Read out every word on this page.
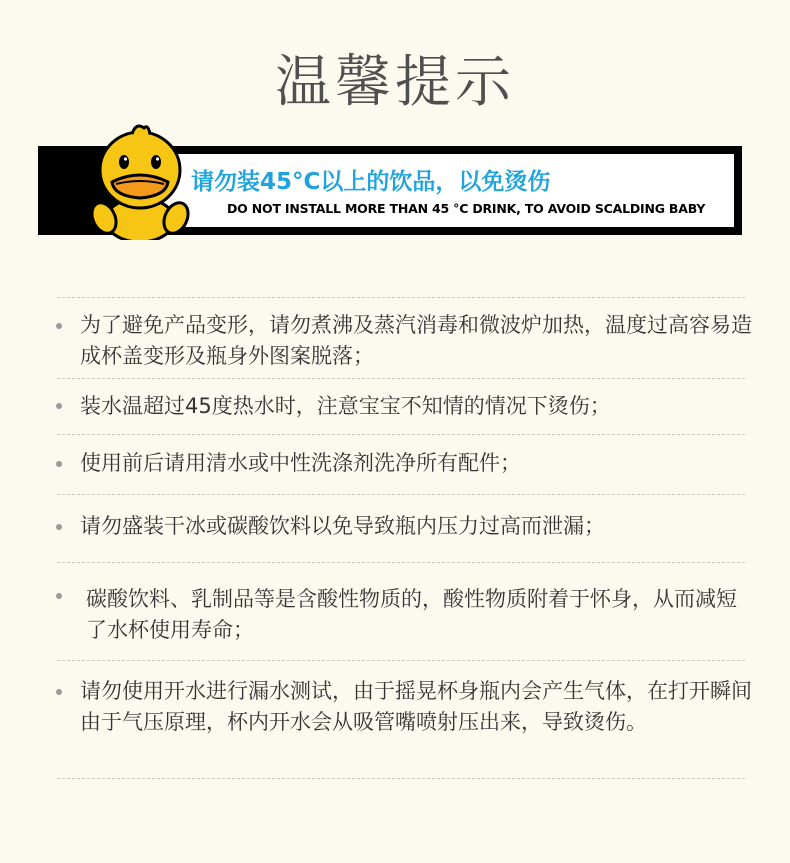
温馨提示
请勿装45°C以上的饮品，以免烫伤
DO NOT INSTALL MORE THAN 45 °C DRINK, TO AVOID SCALDING BABY
为了避免产品变形，请勿煮沸及蒸汽消毒和微波炉加热，温度过高容易造成杯盖变形及瓶身外图案脱落；
装水温超过45度热水时，注意宝宝不知情的情况下烫伤；
使用前后请用清水或中性洗涤剂洗净所有配件；
请勿盛装干冰或碳酸饮料以免导致瓶内压力过高而泄漏；
碳酸饮料、乳制品等是含酸性物质的，酸性物质附着于怀身，从而减短了水杯使用寿命；
请勿使用开水进行漏水测试，由于摇晃杯身瓶内会产生气体，在打开瞬间由于气压原理，杯内开水会从吸管嘴喷射压出来，导致烫伤。
